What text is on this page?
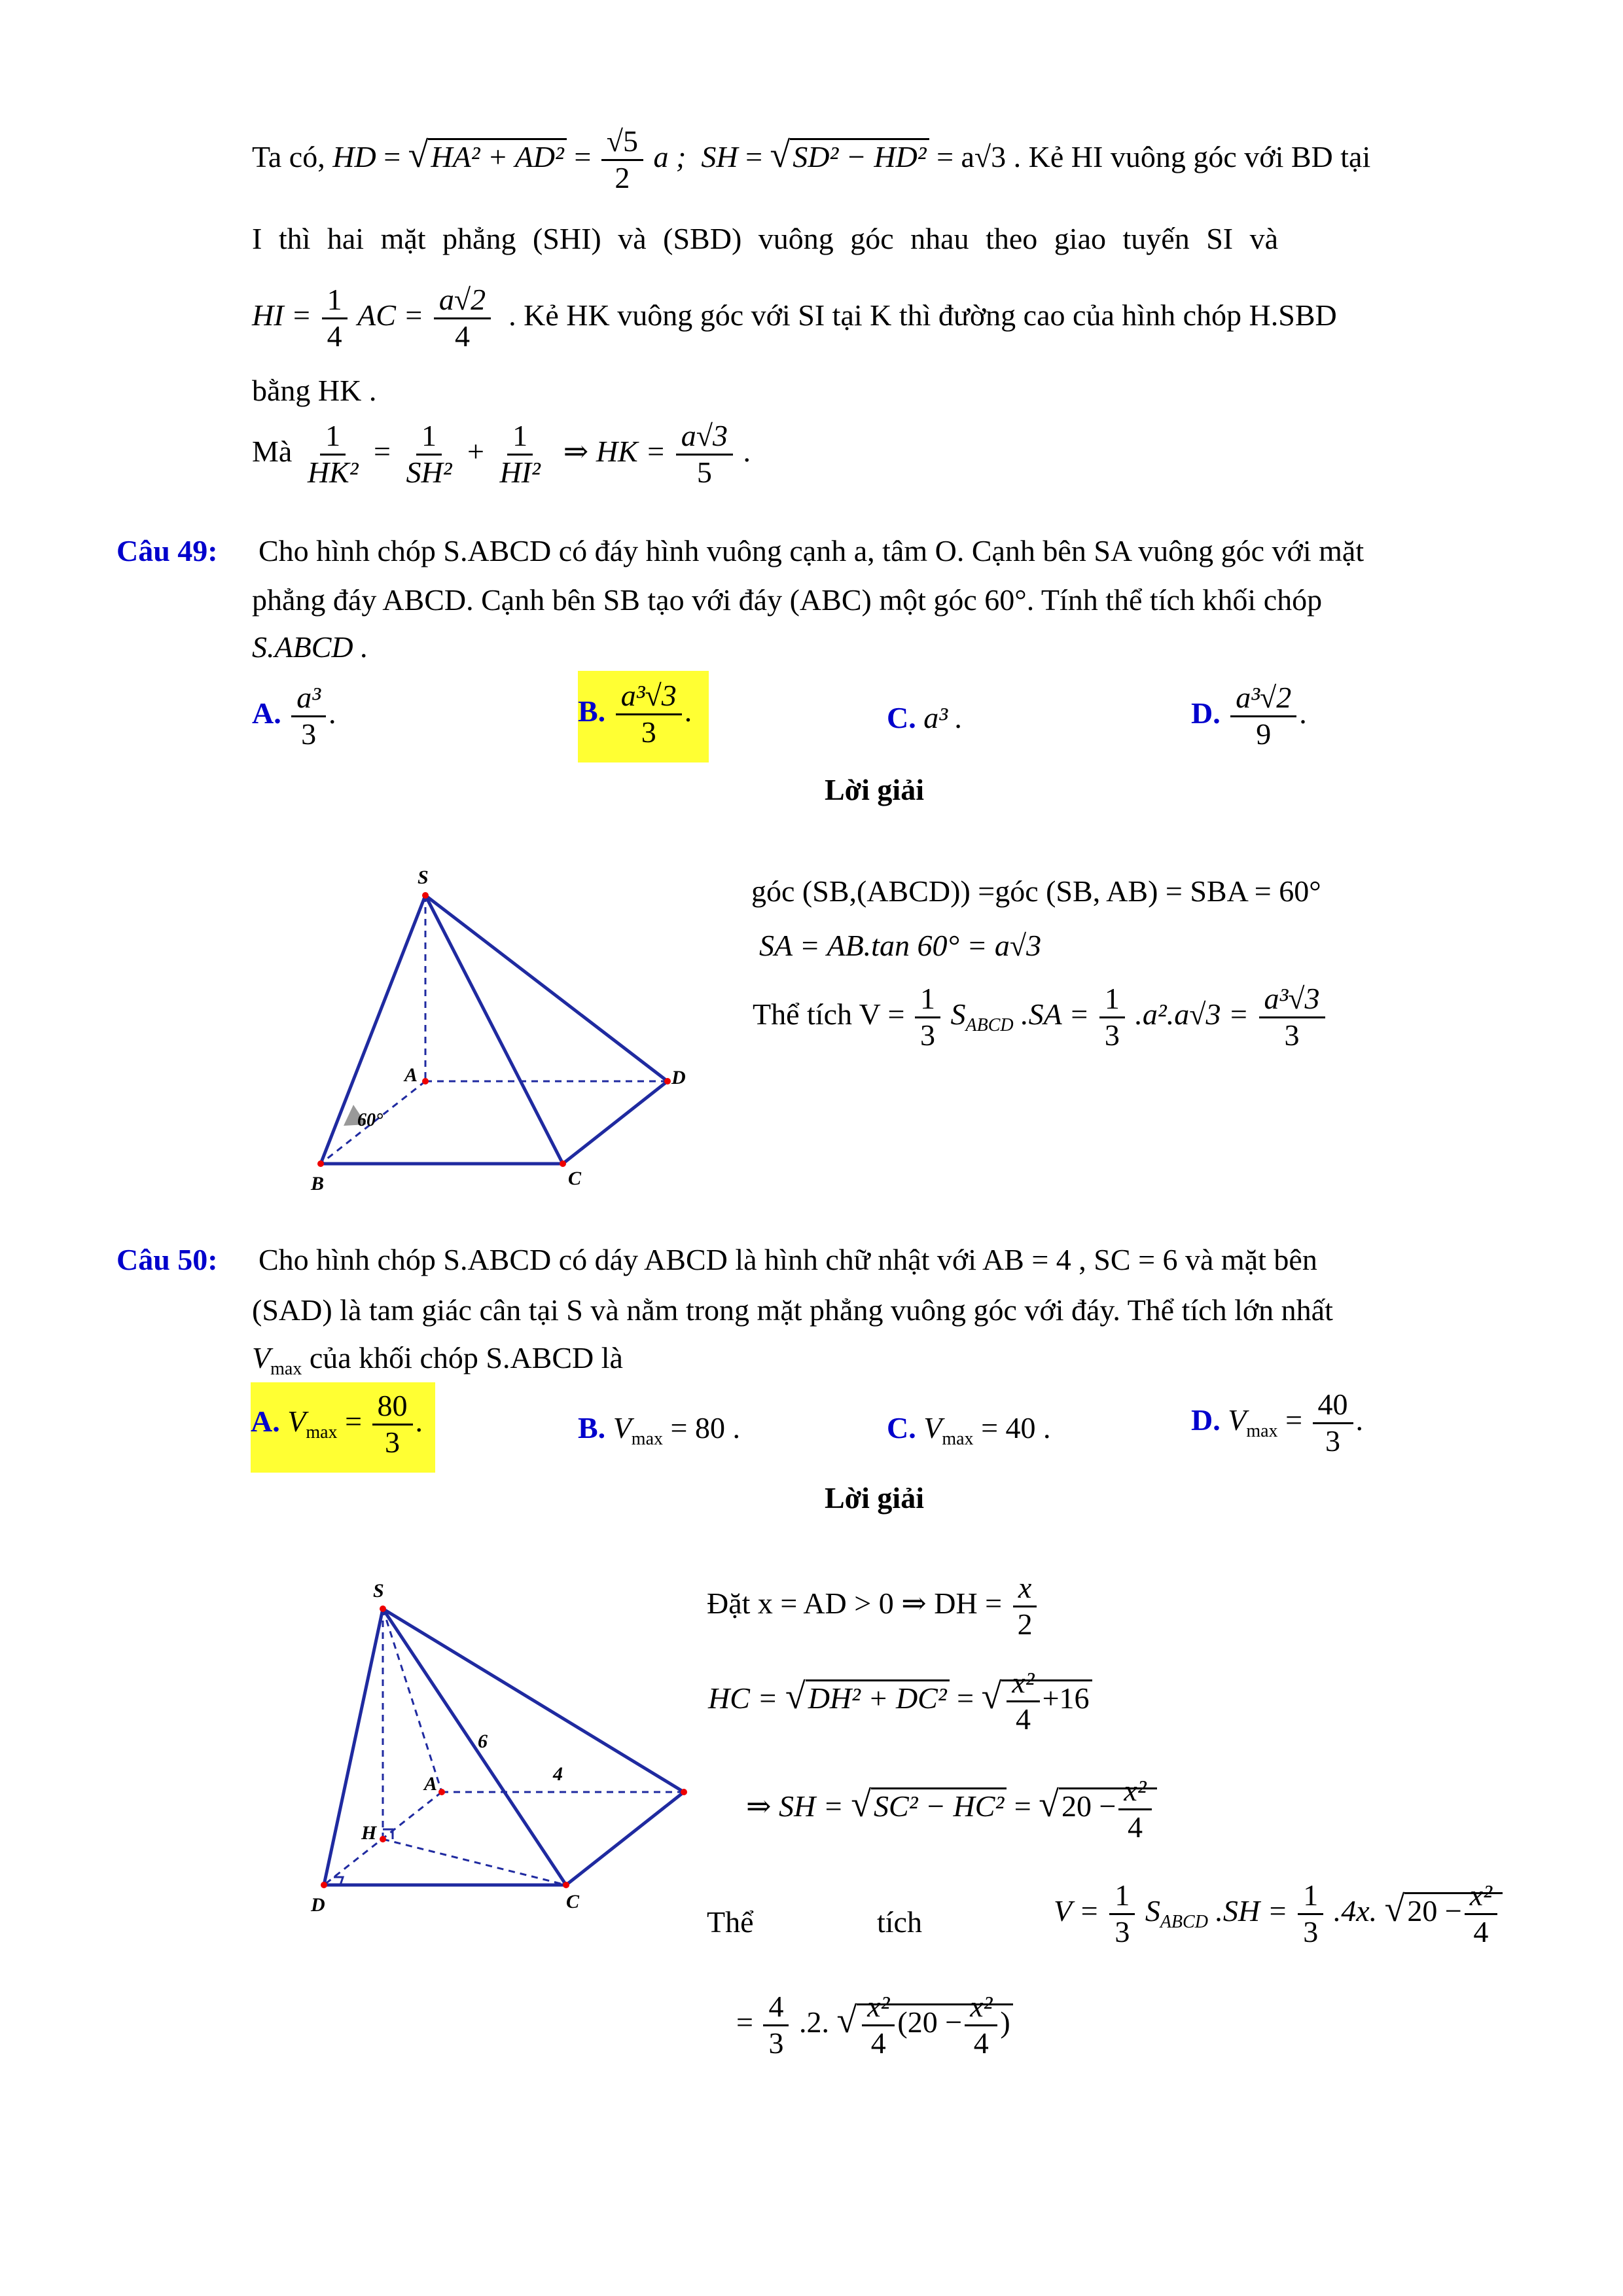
Ta có, HD = $√HA^2 + AD^2 = \frac{√5}{2}$ a ; SH = √SD² − HD² = a√3 . Kẻ HI vuông góc với BD tại
I thì hai mặt phẳng (SHI) và (SBD) vuông góc nhau theo giao tuyến SI và
HI = $\frac{1}{4}$ AC = $\frac{a√2}{4}$ . Kẻ HK vuông góc với SI tại K thì đường cao của hình chóp H.SBD
bằng HK .
Mà $\frac{1}{\text{HK²}} = \frac{1}{\text{SH²}} + \frac{1}{\text{HI²}}$ ⇒ HK = $\frac{a√3}{5}$ .
Câu 49: Cho hình chóp S.ABCD có đáy hình vuông cạnh a, tâm O. Cạnh bên SA vuông góc với mặt
phẳng đáy ABCD. Cạnh bên SB tạo với đáy (ABC) một góc 60°. Tính thể tích khối chóp
S.ABCD .
A. $\frac{\text{a³}}{3}$ .	B. $\frac{\text{a³√3}}{3}$ .	C. a³ .	D. $\frac{\text{a³√2}}{9}$ .
Lời giải
S
A	D
B	C
60°
góc (SB,(ABCD)) =góc (SB, AB) = SBA = 60°
SA = AB.tan 60° = a√3
Thể tích $V = \frac{1}{3} S_{ABCD}$ $.SA = \frac{1}{3} .a^2.a√3 = \frac{\text{a³√3}}{3}$
Câu 50: Cho hình chóp S.ABCD có dáy ABCD là hình chữ nhật với AB = 4 , SC = 6 và mặt bên
(SAD) là tam giác cân tại S và nằm trong mặt phẳng vuông góc với đáy. Thể tích lớn nhất
$V_{max}$ của khối chóp S.ABCD là
A. $V_{max} = \frac{80}{3}$ .	B. $V_{max} = 80$ .	C. $V_{max} = 40$ .	D. $V_{max} = \frac{40}{3}$ .
Lời giải
S
A
H
D	C
6
4
Đặt x = AD > 0 ⇒ DH = $\frac{x}{2}$
HC = √DH² + DC² = √ $\frac{\text{x²}}{4} +16$
⇒ SH = $√SC^2 - HC^2 = √20 - \frac{\text{x²}}{4}$
Thể	tích	$V = \frac{1}{3} S_{ABCD}$ $.SH = \frac{1}{3} .4x$. $√20 - \frac{\text{x²}}{4}$
= $\frac{4}{3} .2$. √ $\frac{\text{x²}}{4} (20 - \frac{\text{x²}}{4}$ )
